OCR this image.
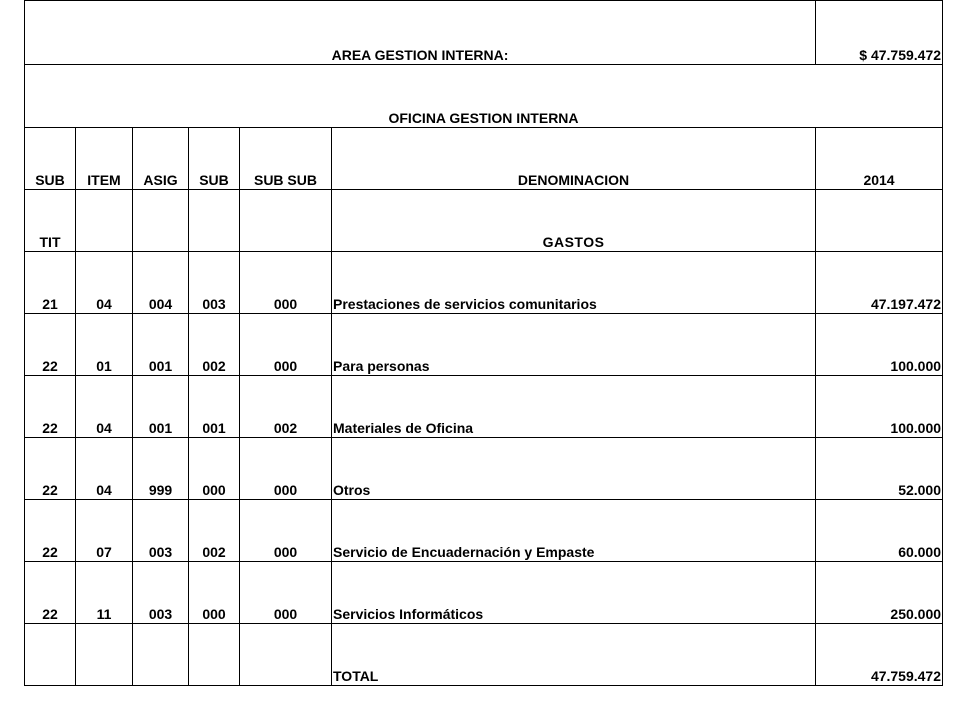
AREA GESTION INTERNA:						$ 47.759.472
OFICINA GESTION INTERNA						
SUB	ITEM	ASIG	SUB	SUB SUB	DENOMINACION	2014
TIT					GASTOS	
21	04	004	003	000	Prestaciones de servicios comunitarios	47.197.472
22	01	001	002	000	Para personas	100.000
22	04	001	001	002	Materiales de Oficina	100.000
22	04	999	000	000	Otros	52.000
22	07	003	002	000	Servicio de Encuadernación y Empaste	60.000
22	11	003	000	000	Servicios Informáticos	250.000
					TOTAL	47.759.472
